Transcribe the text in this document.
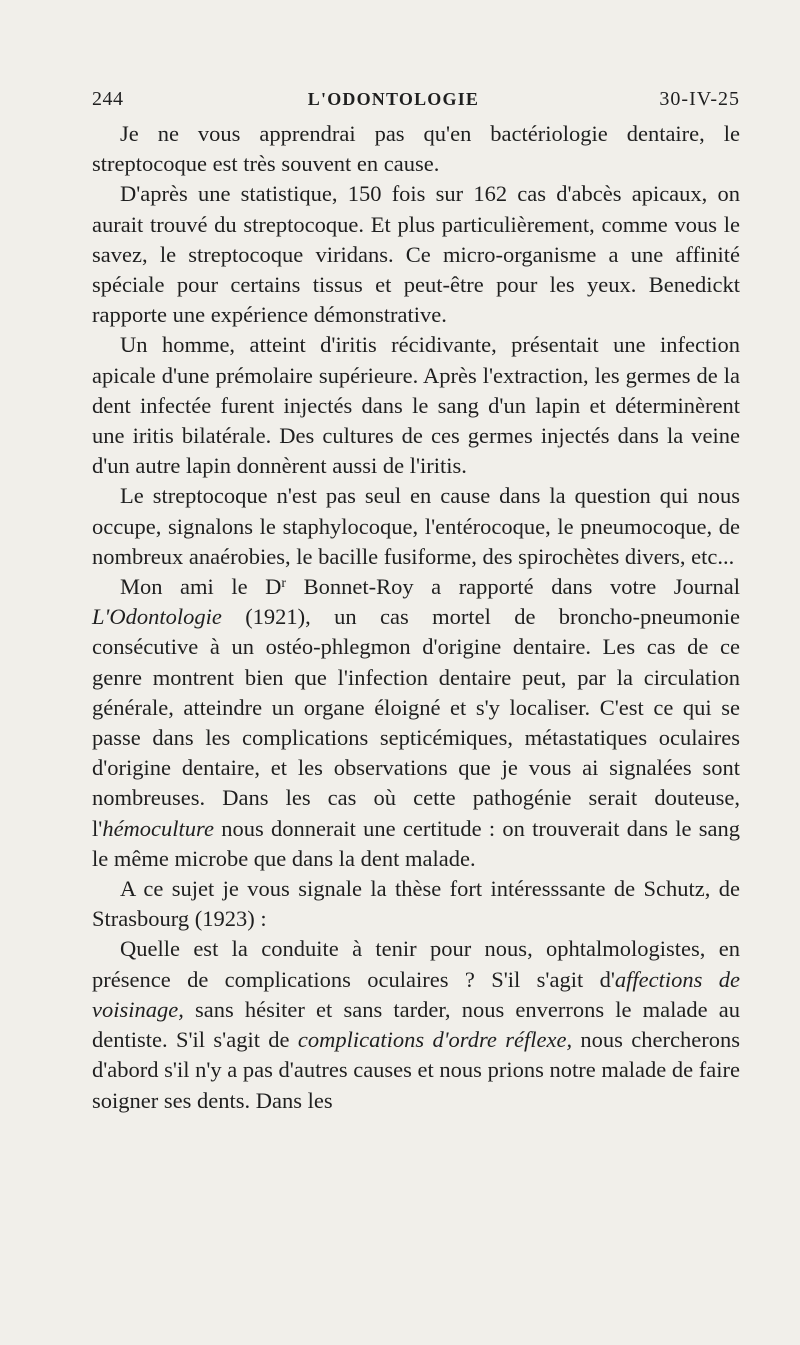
244	L'ODONTOLOGIE	30-IV-25

Je ne vous apprendrai pas qu'en bactériologie dentaire, le streptocoque est très souvent en cause.

D'après une statistique, 150 fois sur 162 cas d'abcès apicaux, on aurait trouvé du streptocoque. Et plus particulièrement, comme vous le savez, le streptocoque viridans. Ce micro-organisme a une affinité spéciale pour certains tissus et peut-être pour les yeux. Benedickt rapporte une expérience démonstrative.

Un homme, atteint d'iritis récidivante, présentait une infection apicale d'une prémolaire supérieure. Après l'extraction, les germes de la dent infectée furent injectés dans le sang d'un lapin et déterminèrent une iritis bilatérale. Des cultures de ces germes injectés dans la veine d'un autre lapin donnèrent aussi de l'iritis.

Le streptocoque n'est pas seul en cause dans la question qui nous occupe, signalons le staphylocoque, l'entérocoque, le pneumocoque, de nombreux anaérobies, le bacille fusiforme, des spirochètes divers, etc...

Mon ami le $D^r$ Bonnet-Roy a rapporté dans votre Journal L'Odontologie (1921), un cas mortel de broncho-pneumonie consécutive à un ostéo-phlegmon d'origine dentaire. Les cas de ce genre montrent bien que l'infection dentaire peut, par la circulation générale, atteindre un organe éloigné et s'y localiser. C'est ce qui se passe dans les complications septicémiques, métastatiques oculaires d'origine dentaire, et les observations que je vous ai signalées sont nombreuses. Dans les cas où cette pathogénie serait douteuse, l'hémoculture nous donnerait une certitude : on trouverait dans le sang le même microbe que dans la dent malade.

A ce sujet je vous signale la thèse fort intéresssante de Schutz, de Strasbourg (1923) :

Quelle est la conduite à tenir pour nous, ophtalmologistes, en présence de complications oculaires ? S'il s'agit d'affections de voisinage, sans hésiter et sans tarder, nous enverrons le malade au dentiste. S'il s'agit de complications d'ordre réflexe, nous chercherons d'abord s'il n'y a pas d'autres causes et nous prions notre malade de faire soigner ses dents. Dans les
